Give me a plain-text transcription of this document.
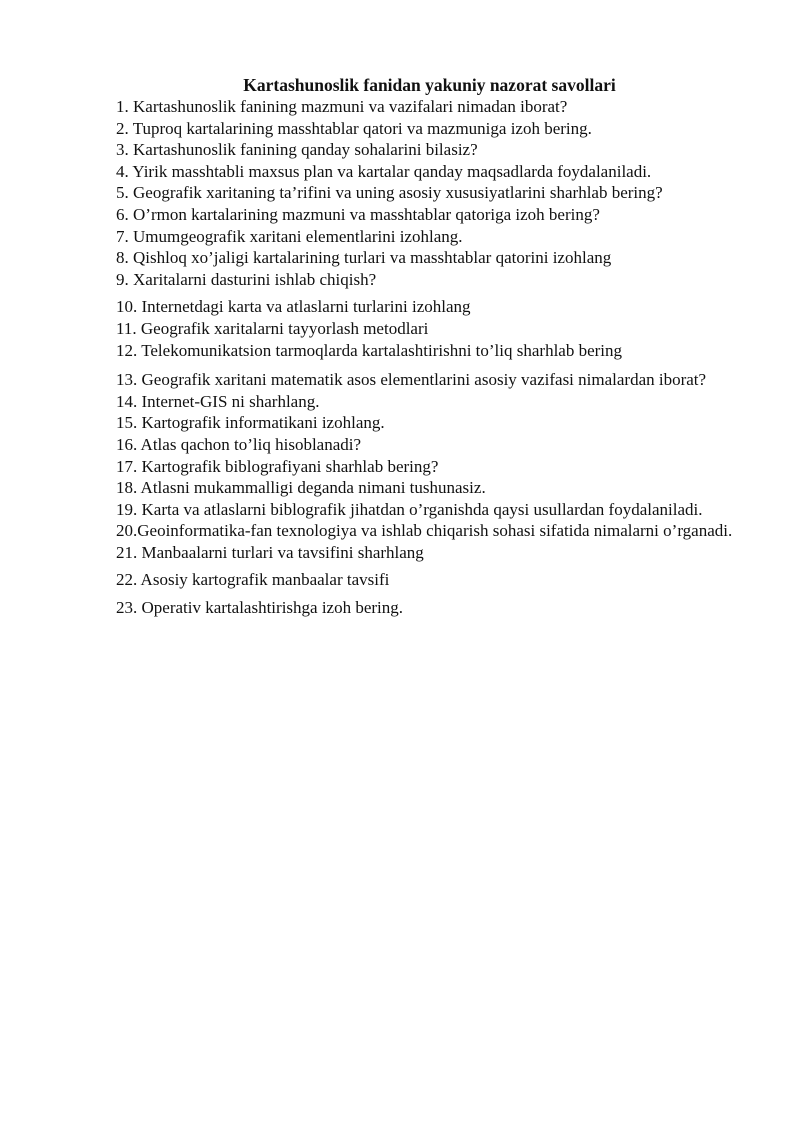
Kartashunoslik fanidan yakuniy nazorat savollari

1. Kartashunoslik fanining mazmuni va vazifalari nimadan iborat?

2. Tuproq kartalarining masshtablar qatori va mazmuniga izoh bering.

3. Kartashunoslik fanining qanday sohalarini bilasiz?

4. Yirik masshtabli maxsus plan va kartalar qanday maqsadlarda foydalaniladi.

5. Geografik xaritaning ta’rifini va uning asosiy xususiyatlarini sharhlab bering?

6. O’rmon kartalarining mazmuni va masshtablar qatoriga izoh bering?

7. Umumgeografik xaritani elementlarini izohlang.

8. Qishloq xo’jaligi kartalarining turlari va masshtablar qatorini izohlang

9. Xaritalarni dasturini ishlab chiqish?

10. Internetdagi karta va atlaslarni turlarini izohlang

11. Geografik xaritalarni tayyorlash metodlari

12. Telekomunikatsion tarmoqlarda kartalashtirishni to’liq sharhlab bering

13. Geografik xaritani matematik asos elementlarini asosiy vazifasi nimalardan iborat?

14. Internet-GIS ni sharhlang.

15. Kartografik informatikani izohlang.

16. Atlas qachon to’liq hisoblanadi?

17. Kartografik biblografiyani sharhlab bering?

18. Atlasni mukammalligi deganda nimani tushunasiz.

19. Karta va atlaslarni biblografik jihatdan o’rganishda qaysi usullardan foydalaniladi.

20.Geoinformatika-fan texnologiya va ishlab chiqarish sohasi sifatida nimalarni o’rganadi.

21. Manbaalarni turlari va tavsifini sharhlang

22. Asosiy kartografik manbaalar tavsifi

23. Operativ kartalashtirishga izoh bering.
